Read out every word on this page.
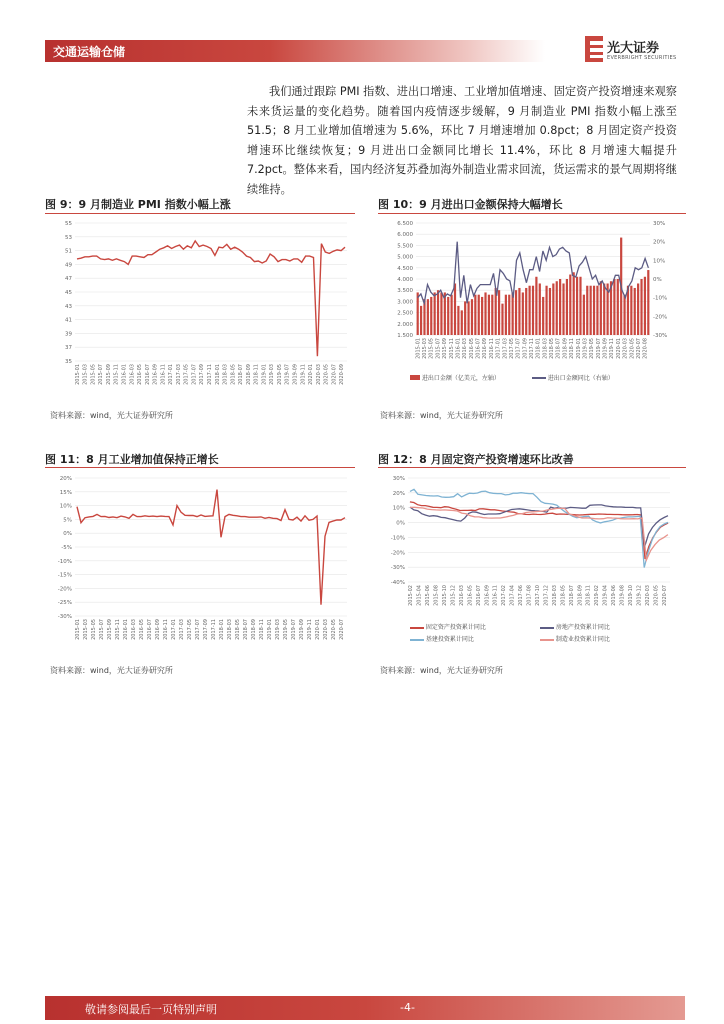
交通运输仓储	光大证券
EVERBRIGHT SECURITIES
我们通过跟踪 PMI 指数、进出口增速、工业增加值增速、固定资产投资增速来观察未来货运量的变化趋势。随着国内疫情逐步缓解，9 月制造业 PMI 指数小幅上涨至 51.5；8 月工业增加值增速为 5.6%，环比 7 月增速增加 0.8pct；8 月固定资产投资增速环比继续恢复；9 月进出口金额同比增长 11.4%，环比 8 月增速大幅提升 7.2pct。整体来看，国内经济复苏叠加海外制造业需求回流，货运需求的景气周期将继续维持。
图 9：9 月制造业 PMI 指数小幅上涨
55
53
51
49
47
45
43
41
39
37
35
2015-01 2015-03 2015-05 2015-07 2015-09 2015-11 2016-01 2016-03 2016-05 2016-07 2016-09 2016-11 2017-01 2017-03 2017-05 2017-07 2017-09 2017-11 2018-01 2018-03 2018-05 2018-07 2018-09 2018-11 2019-01 2019-03 2019-05 2019-07 2019-09 2019-11 2020-01 2020-03 2020-05 2020-07 2020-09
资料来源：wind，光大证券研究所
图 10：9 月进出口金额保持大幅增长
6.500
6.000
5.500
5.000
4.500
4.000
3.500
3.000
2.500
2.000
1.500
30%
20%
10%
0%
-10%
-20%
-30%
2015-01 2015-03 2015-05 2015-07 2015-09 2015-11 2016-01 2016-03 2016-05 2016-07 2016-09 2016-11 2017-01 2017-03 2017-05 2017-07 2017-09 2017-11 2018-01 2018-03 2018-05 2018-07 2018-09 2018-11 2019-01 2019-03 2019-05 2019-07 2019-09 2019-11 2020-01 2020-03 2020-05 2020-07 2020-08
进出口金额（亿美元，左轴）	进出口金额同比（右轴）
资料来源：wind，光大证券研究所
图 11：8 月工业增加值保持正增长
20%
15%
10%
5%
0%
-5%
-10%
-15%
-20%
-25%
-30%
2015-01 2015-03 2015-05 2015-07 2015-09 2015-11 2016-01 2016-03 2016-05 2016-07 2016-09 2016-11 2017-01 2017-03 2017-05 2017-07 2017-09 2017-11 2018-01 2018-03 2018-05 2018-07 2018-09 2018-11 2019-01 2019-03 2019-05 2019-07 2019-09 2019-11 2020-01 2020-03 2020-05 2020-07
资料来源：wind，光大证券研究所
图 12：8 月固定资产投资增速环比改善
30%
20%
10%
0%
-10%
-20%
-30%
-40%
2015-02 2015-04 2015-06 2015-08 2015-10 2015-12 2016-03 2016-05 2016-07 2016-09 2016-11 2017-02 2017-04 2017-06 2017-08 2017-10 2017-12 2018-03 2018-05 2018-07 2018-09 2018-11 2019-02 2019-04 2019-06 2019-08 2019-10 2019-12 2020-03 2020-05 2020-07
固定资产投资累计同比	房地产投资累计同比
基建投资累计同比	制造业投资累计同比
资料来源：wind，光大证券研究所
敬请参阅最后一页特别声明	-4-
